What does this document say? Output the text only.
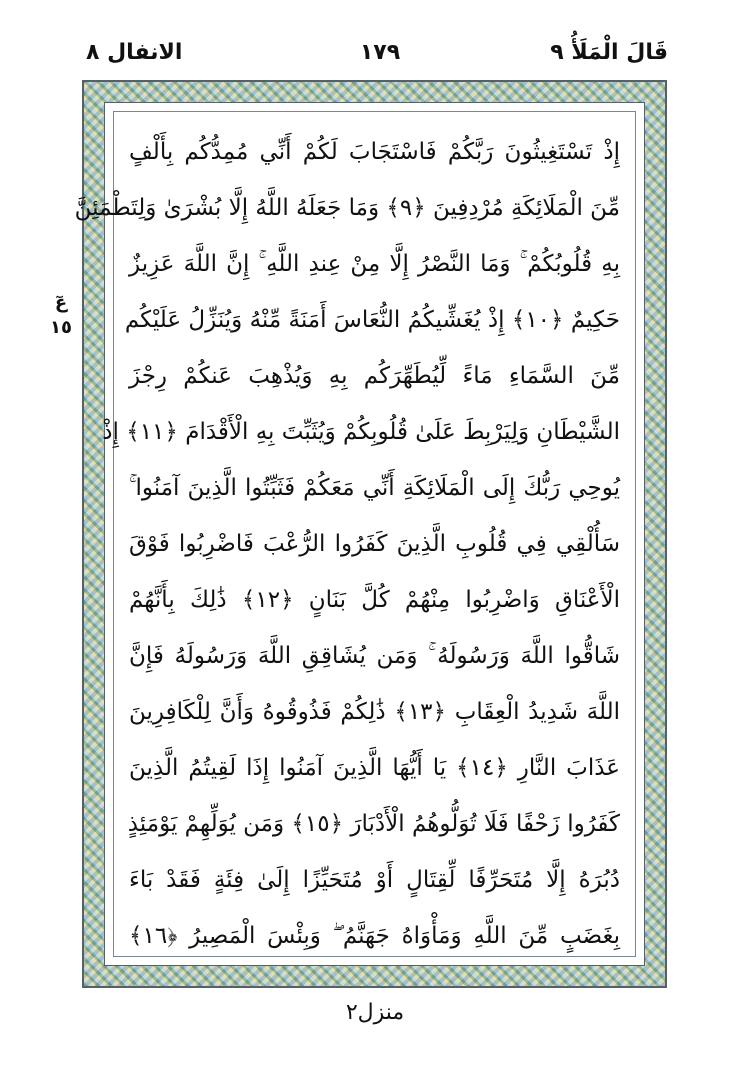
قَالَ الْمَلَأُ ٩
١٧٩
الانفال ٨
عٓ
١٥
إِذْ تَسْتَغِيثُونَ رَبَّكُمْ فَاسْتَجَابَ لَكُمْ أَنِّي مُمِدُّكُم بِأَلْفٍ
مِّنَ الْمَلَائِكَةِ مُرْدِفِينَ ﴿٩﴾ وَمَا جَعَلَهُ اللَّهُ إِلَّا بُشْرَىٰ وَلِتَطْمَئِنَّ
بِهِ قُلُوبُكُمْ ۚ وَمَا النَّصْرُ إِلَّا مِنْ عِندِ اللَّهِ ۚ إِنَّ اللَّهَ عَزِيزٌ
حَكِيمٌ ﴿١٠﴾ إِذْ يُغَشِّيكُمُ النُّعَاسَ أَمَنَةً مِّنْهُ وَيُنَزِّلُ عَلَيْكُم
مِّنَ السَّمَاءِ مَاءً لِّيُطَهِّرَكُم بِهِ وَيُذْهِبَ عَنكُمْ رِجْزَ
الشَّيْطَانِ وَلِيَرْبِطَ عَلَىٰ قُلُوبِكُمْ وَيُثَبِّتَ بِهِ الْأَقْدَامَ ﴿١١﴾ إِذْ
يُوحِي رَبُّكَ إِلَى الْمَلَائِكَةِ أَنِّي مَعَكُمْ فَثَبِّتُوا الَّذِينَ آمَنُوا ۚ
سَأُلْقِي فِي قُلُوبِ الَّذِينَ كَفَرُوا الرُّعْبَ فَاضْرِبُوا فَوْقَ
الْأَعْنَاقِ وَاضْرِبُوا مِنْهُمْ كُلَّ بَنَانٍ ﴿١٢﴾ ذَٰلِكَ بِأَنَّهُمْ
شَاقُّوا اللَّهَ وَرَسُولَهُ ۚ وَمَن يُشَاقِقِ اللَّهَ وَرَسُولَهُ فَإِنَّ
اللَّهَ شَدِيدُ الْعِقَابِ ﴿١٣﴾ ذَٰلِكُمْ فَذُوقُوهُ وَأَنَّ لِلْكَافِرِينَ
عَذَابَ النَّارِ ﴿١٤﴾ يَا أَيُّهَا الَّذِينَ آمَنُوا إِذَا لَقِيتُمُ الَّذِينَ
كَفَرُوا زَحْفًا فَلَا تُوَلُّوهُمُ الْأَدْبَارَ ﴿١٥﴾ وَمَن يُوَلِّهِمْ يَوْمَئِذٍ
دُبُرَهُ إِلَّا مُتَحَرِّفًا لِّقِتَالٍ أَوْ مُتَحَيِّزًا إِلَىٰ فِئَةٍ فَقَدْ بَاءَ
بِغَضَبٍ مِّنَ اللَّهِ وَمَأْوَاهُ جَهَنَّمُ ۖ وَبِئْسَ الْمَصِيرُ ﴿١٦﴾
منزل٢
